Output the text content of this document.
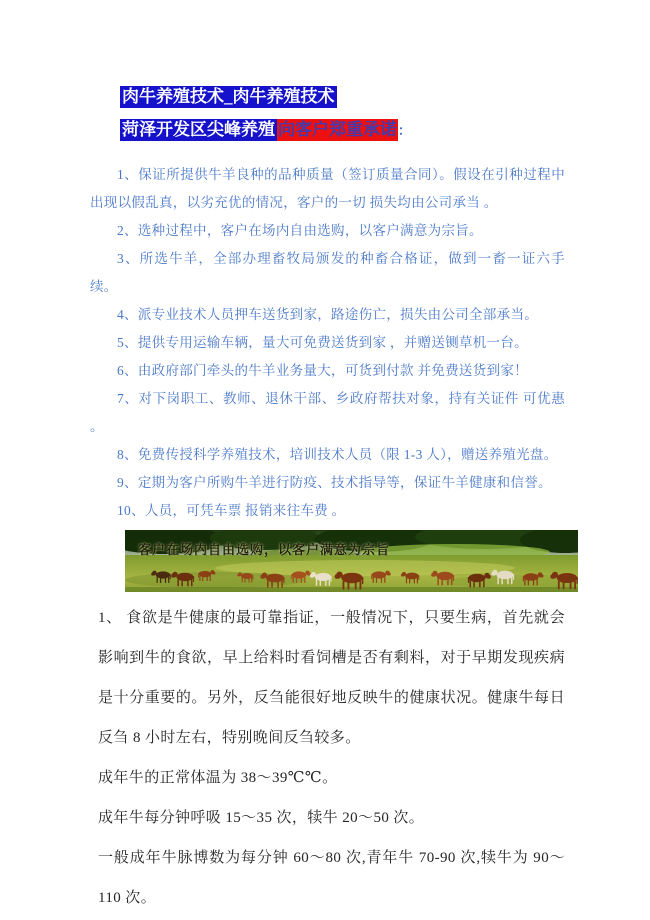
肉牛养殖技术_肉牛养殖技术

菏泽开发区尖峰养殖 向客户郑重承诺：

1、保证所提供牛羊良种的品种质量（签订质量合同）。假设在引种过程中出现以假乱真，以劣充优的情况，客户的一切 损失均由公司承当 。

2、选种过程中，客户在场内自由选购，以客户满意为宗旨。

3、所选牛羊，全部办理畜牧局颁发的种畜合格证，做到一畜一证六手续。

4、派专业技术人员押车送货到家，路途伤亡，损失由公司全部承当。

5、提供专用运输车辆，量大可免费送货到家 ，并赠送铡草机一台。

6、由政府部门牵头的牛羊业务量大，可货到付款 并免费送货到家！

7、对下岗职工、教师、退休干部、乡政府帮扶对象，持有关证件 可优惠 。

8、免费传授科学养殖技术，培训技术人员（限 1-3 人），赠送养殖光盘。

9、定期为客户所购牛羊进行防疫、技术指导等，保证牛羊健康和信誉。

10、人员，可凭车票 报销来往车费 。

客户在场内自由选购，以客户满意为宗旨

1、 食欲是牛健康的最可靠指证，一般情况下，只要生病，首先就会影响到牛的食欲，早上给料时看饲槽是否有剩料，对于早期发现疾病是十分重要的。另外，反刍能很好地反映牛的健康状况。健康牛每日反刍 8 小时左右，特别晚间反刍较多。

成年牛的正常体温为 38～39℃℃。

成年牛每分钟呼吸 15～35 次，犊牛 20～50 次。

一般成年牛脉博数为每分钟 60～80 次,青年牛 70-90 次,犊牛为 90～110 次。
